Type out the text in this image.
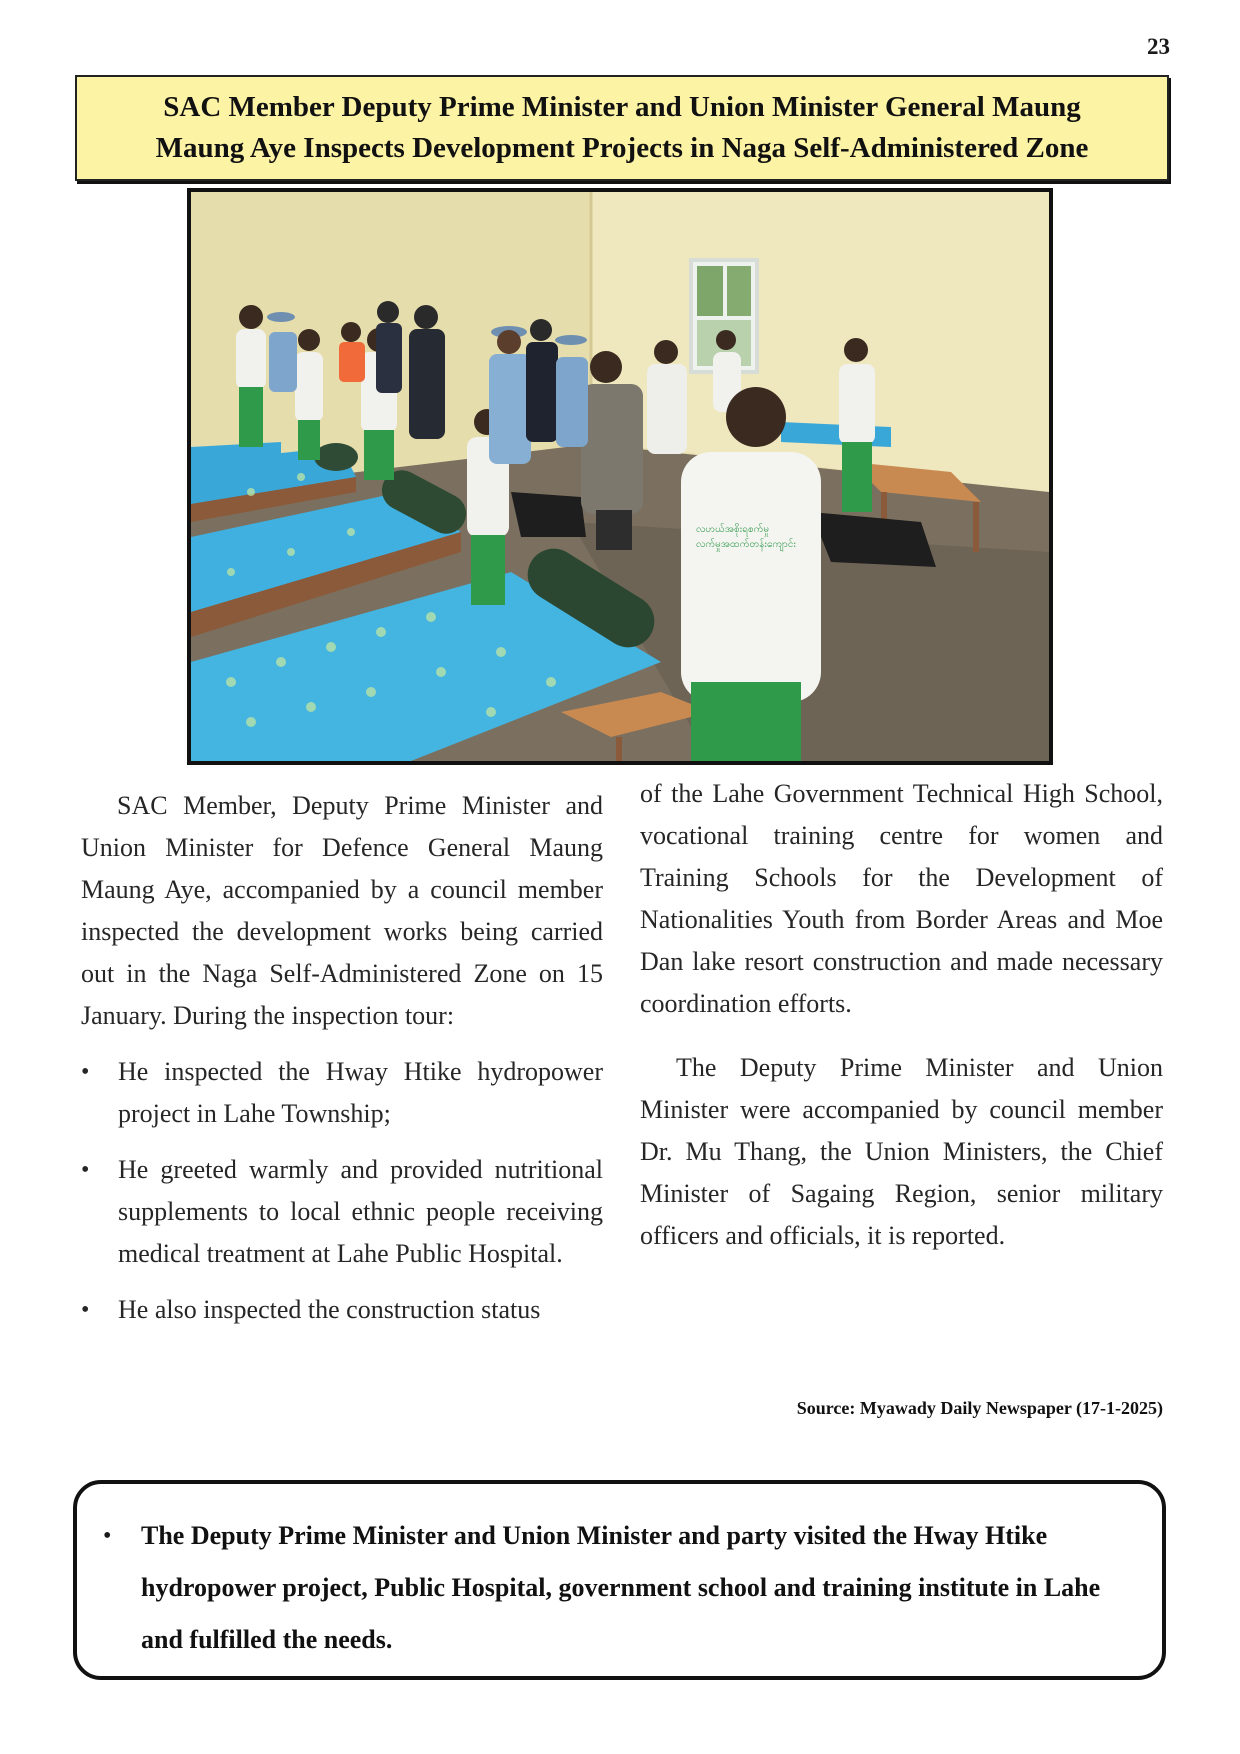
23
SAC Member Deputy Prime Minister and Union Minister General Maung
Maung Aye Inspects Development Projects in Naga Self-Administered Zone
လဟယ်အစိုးရစက်မှု
လက်မှုအထက်တန်းကျောင်း

SAC Member, Deputy Prime Minister and Union Minister for Defence General Maung Maung Aye, accompanied by a council member inspected the development works being carried out in the Naga Self-Administered Zone on 15 January. During the inspection tour:

• He inspected the Hway Htike hydropower project in Lahe Township;
• He greeted warmly and provided nutritional supplements to local ethnic people receiving medical treatment at Lahe Public Hospital.
• He also inspected the construction status

of the Lahe Government Technical High School, vocational training centre for women and Training Schools for the Development of Nationalities Youth from Border Areas and Moe Dan lake resort construction and made necessary coordination efforts.

The Deputy Prime Minister and Union Minister were accompanied by council member Dr. Mu Thang, the Union Ministers, the Chief Minister of Sagaing Region, senior military officers and officials, it is reported.

Source: Myawady Daily Newspaper (17-1-2025)
•	The Deputy Prime Minister and Union Minister and party visited the Hway Htike hydropower project, Public Hospital, government school and training institute in Lahe and fulfilled the needs.
